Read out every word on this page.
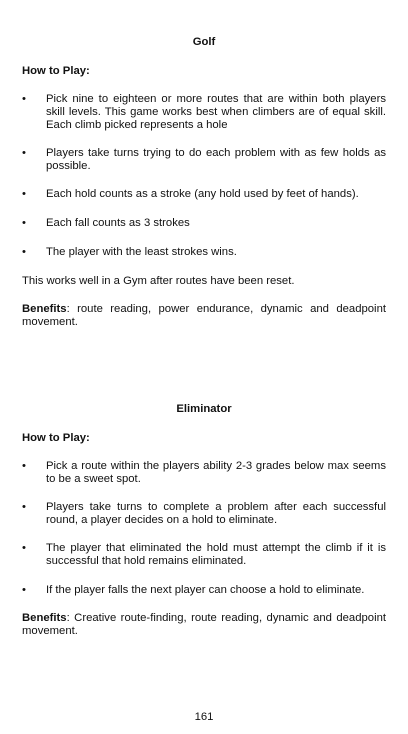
Golf
How to Play:
• Pick nine to eighteen or more routes that are within both players skill levels. This game works best when climbers are of equal skill. Each climb picked represents a hole
• Players take turns trying to do each problem with as few holds as possible.
• Each hold counts as a stroke (any hold used by feet of hands).
• Each fall counts as 3 strokes
• The player with the least strokes wins.

This works well in a Gym after routes have been reset.

Benefits: route reading, power endurance, dynamic and deadpoint movement.

Eliminator
How to Play:
• Pick a route within the players ability 2-3 grades below max seems to be a sweet spot.
• Players take turns to complete a problem after each successful round, a player decides on a hold to eliminate.
• The player that eliminated the hold must attempt the climb if it is successful that hold remains eliminated.
• If the player falls the next player can choose a hold to eliminate.

Benefits: Creative route-finding, route reading, dynamic and deadpoint movement.

161
